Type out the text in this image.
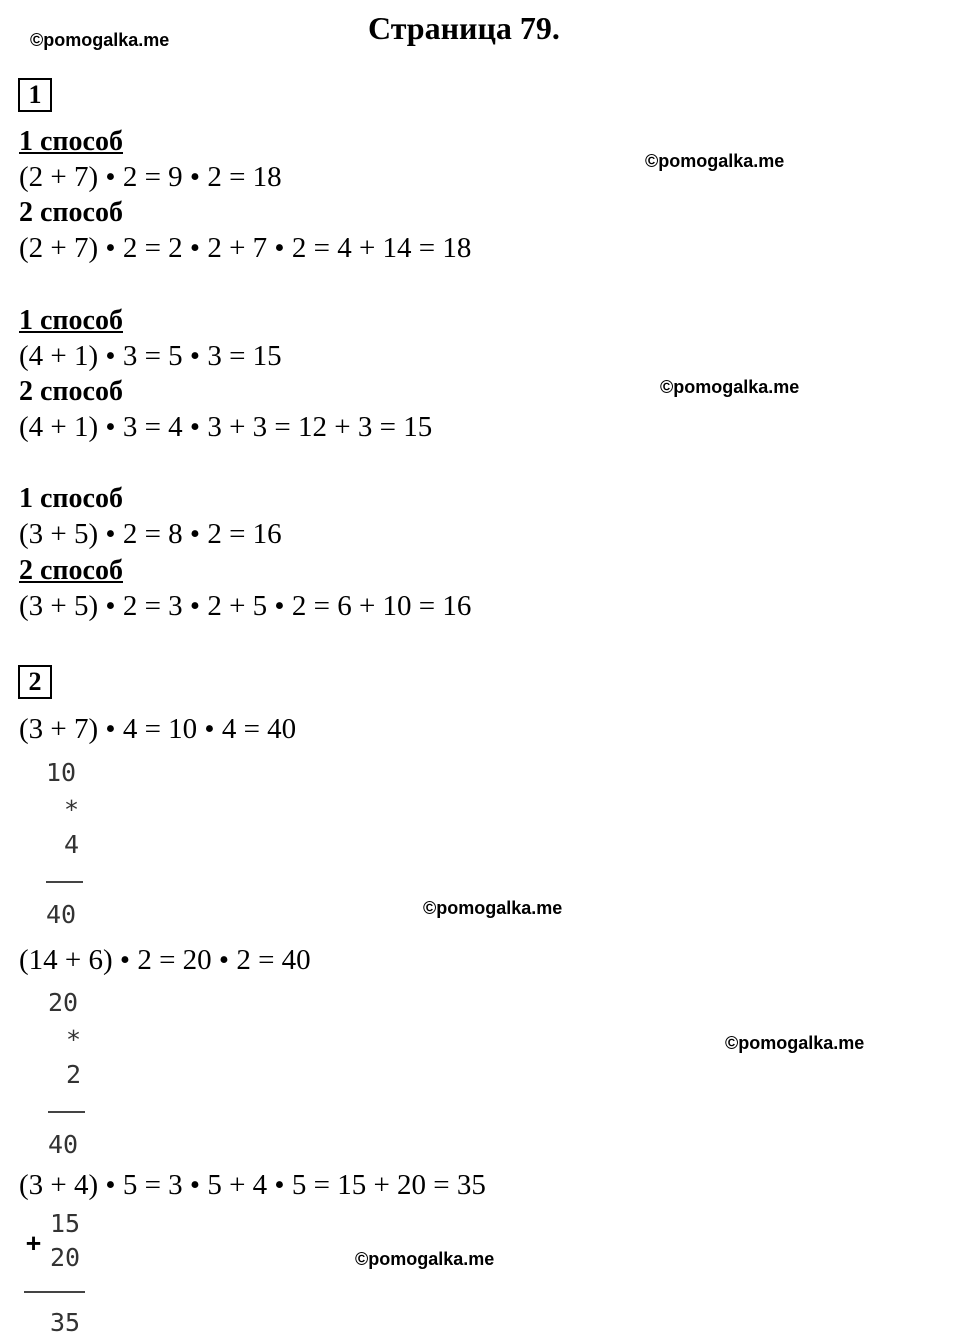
Страница 79.
©pomogalka.me
©pomogalka.me
©pomogalka.me
©pomogalka.me
©pomogalka.me
©pomogalka.me
1
1 способ
(2 + 7) • 2 = 9 • 2 = 18
2 способ
(2 + 7) • 2 = 2 • 2 + 7 • 2 = 4 + 14 = 18
1 способ
(4 + 1) • 3 = 5 • 3 = 15
2 способ
(4 + 1) • 3 = 4 • 3 + 3 = 12 + 3 = 15
1 способ
(3 + 5) • 2 = 8 • 2 = 16
2 способ
(3 + 5) • 2 = 3 • 2 + 5 • 2 = 6 + 10 = 16
2
(3 + 7) • 4 = 10 • 4 = 40
10
*
4
40
(14 + 6) • 2 = 20 • 2 = 40
20
*
2
40
(3 + 4) • 5 = 3 • 5 + 4 • 5 = 15 + 20 = 35
15
+
20
35
